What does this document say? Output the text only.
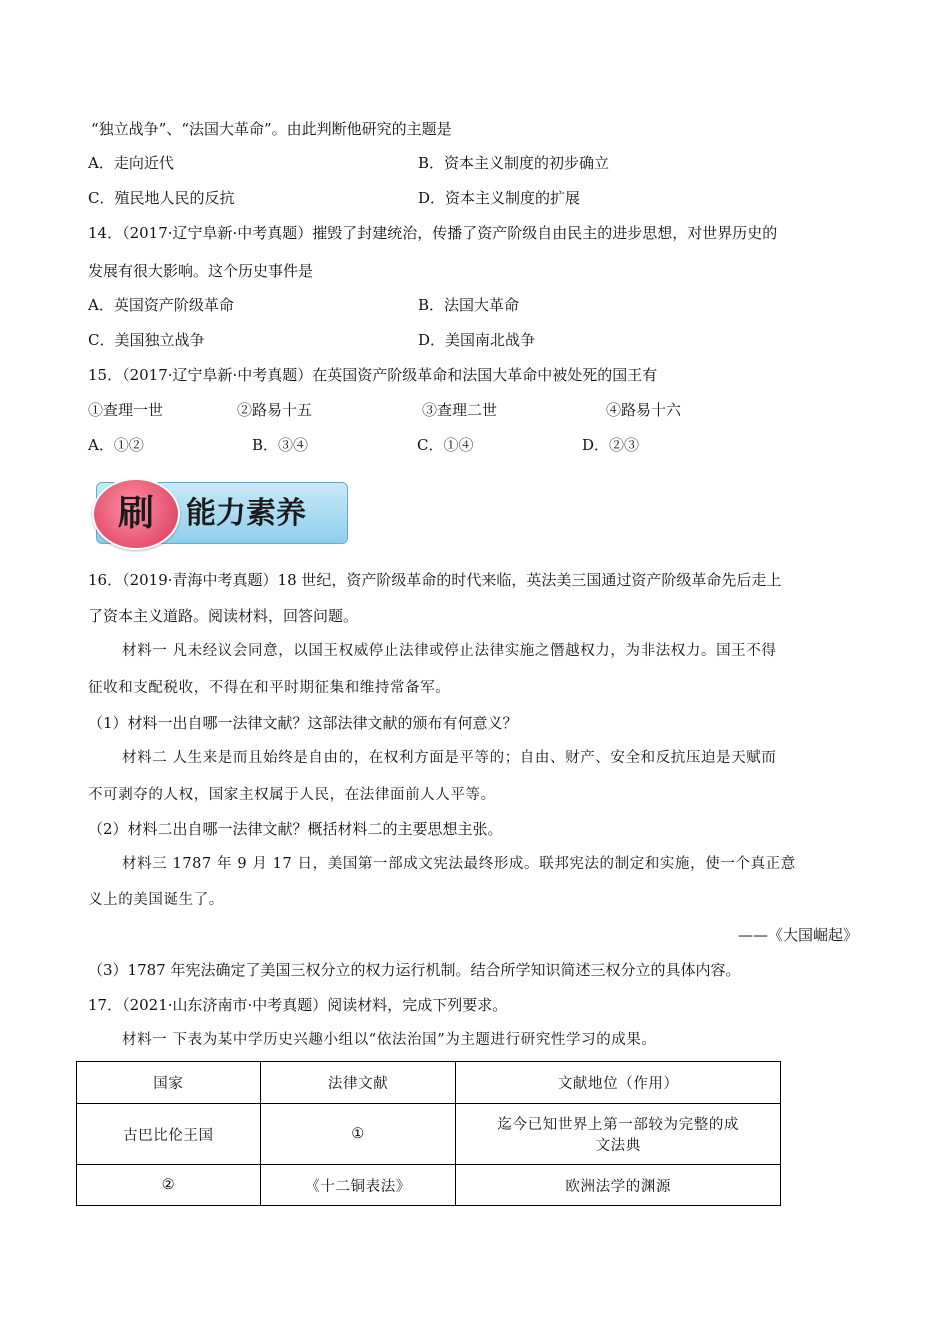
“独立战争”、“法国大革命”。由此判断他研究的主题是
A．走向近代	B．资本主义制度的初步确立
C．殖民地人民的反抗	D．资本主义制度的扩展
14．（2017·辽宁阜新·中考真题）摧毁了封建统治，传播了资产阶级自由民主的进步思想，对世界历史的
发展有很大影响。这个历史事件是
A．英国资产阶级革命	B．法国大革命
C．美国独立战争	D．美国南北战争
15．（2017·辽宁阜新·中考真题）在英国资产阶级革命和法国大革命中被处死的国王有
①查理一世	②路易十五	③查理二世	④路易十六
A．①②	B．③④	C．①④	D．②③
刷	能力素养
16．（2019·青海中考真题）18 世纪，资产阶级革命的时代来临，英法美三国通过资产阶级革命先后走上
了资本主义道路。阅读材料，回答问题。
材料一 凡未经议会同意，以国王权威停止法律或停止法律实施之僭越权力，为非法权力。国王不得
征收和支配税收，不得在和平时期征集和维持常备军。
（1）材料一出自哪一法律文献？这部法律文献的颁布有何意义？
材料二 人生来是而且始终是自由的，在权利方面是平等的；自由、财产、安全和反抗压迫是天赋而
不可剥夺的人权，国家主权属于人民，在法律面前人人平等。
（2）材料二出自哪一法律文献？概括材料二的主要思想主张。
材料三 1787 年 9 月 17 日，美国第一部成文宪法最终形成。联邦宪法的制定和实施，使一个真正意
义上的美国诞生了。
——《大国崛起》
（3）1787 年宪法确定了美国三权分立的权力运行机制。结合所学知识简述三权分立的具体内容。
17．（2021·山东济南市·中考真题）阅读材料，完成下列要求。
材料一 下表为某中学历史兴趣小组以“依法治国”为主题进行研究性学习的成果。
国家	法律文献	文献地位（作用）
古巴比伦王国	①	迄今已知世界上第一部较为完整的成
文法典
②	《十二铜表法》	欧洲法学的渊源
